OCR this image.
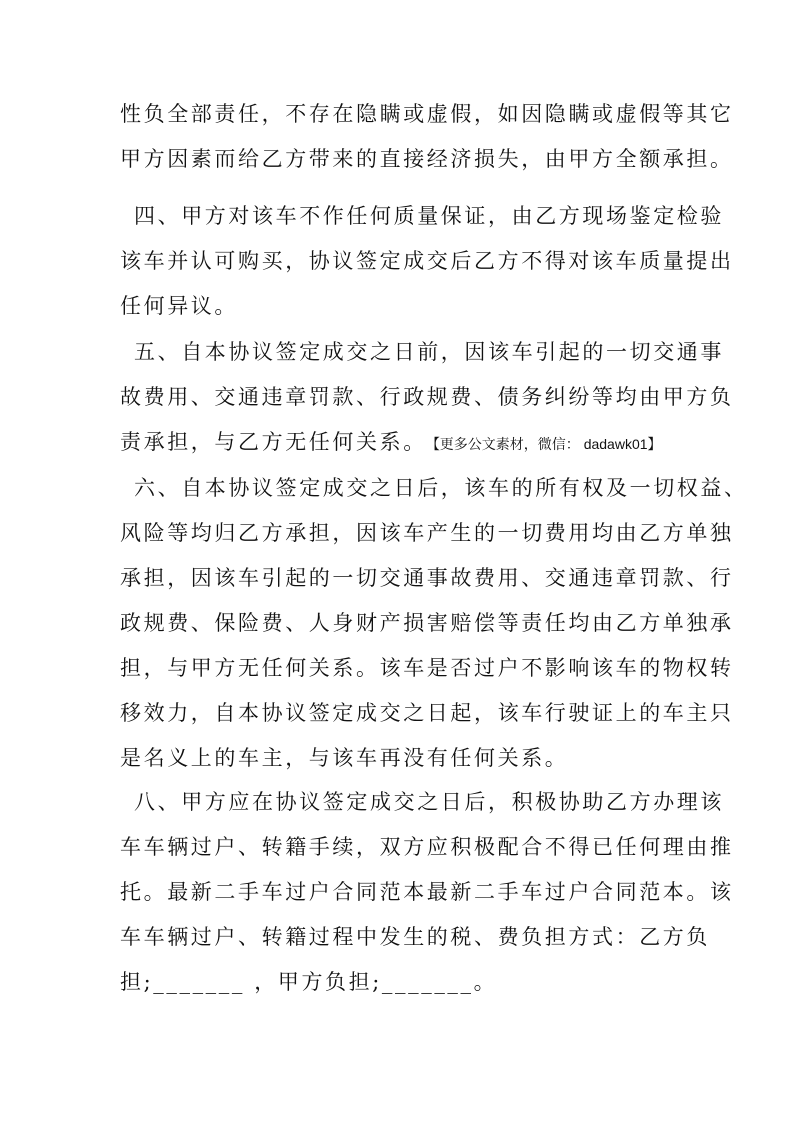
性负全部责任，不存在隐瞒或虚假，如因隐瞒或虚假等其它
甲方因素而给乙方带来的直接经济损失，由甲方全额承担。
四、甲方对该车不作任何质量保证，由乙方现场鉴定检验
该车并认可购买，协议签定成交后乙方不得对该车质量提出
任何异议。
五、自本协议签定成交之日前，因该车引起的一切交通事
故费用、交通违章罚款、行政规费、债务纠纷等均由甲方负
责承担，与乙方无任何关系。 【更多公文素材，微信： dadawk01】
六、自本协议签定成交之日后，该车的所有权及一切权益、
风险等均归乙方承担，因该车产生的一切费用均由乙方单独
承担，因该车引起的一切交通事故费用、交通违章罚款、行
政规费、保险费、人身财产损害赔偿等责任均由乙方单独承
担，与甲方无任何关系。该车是否过户不影响该车的物权转
移效力，自本协议签定成交之日起，该车行驶证上的车主只
是名义上的车主，与该车再没有任何关系。
八、甲方应在协议签定成交之日后，积极协助乙方办理该
车车辆过户、转籍手续，双方应积极配合不得已任何理由推
托。最新二手车过户合同范本最新二手车过户合同范本。该
车车辆过户、转籍过程中发生的税、费负担方式：乙方负
担;_______ ，甲方负担;_______。
